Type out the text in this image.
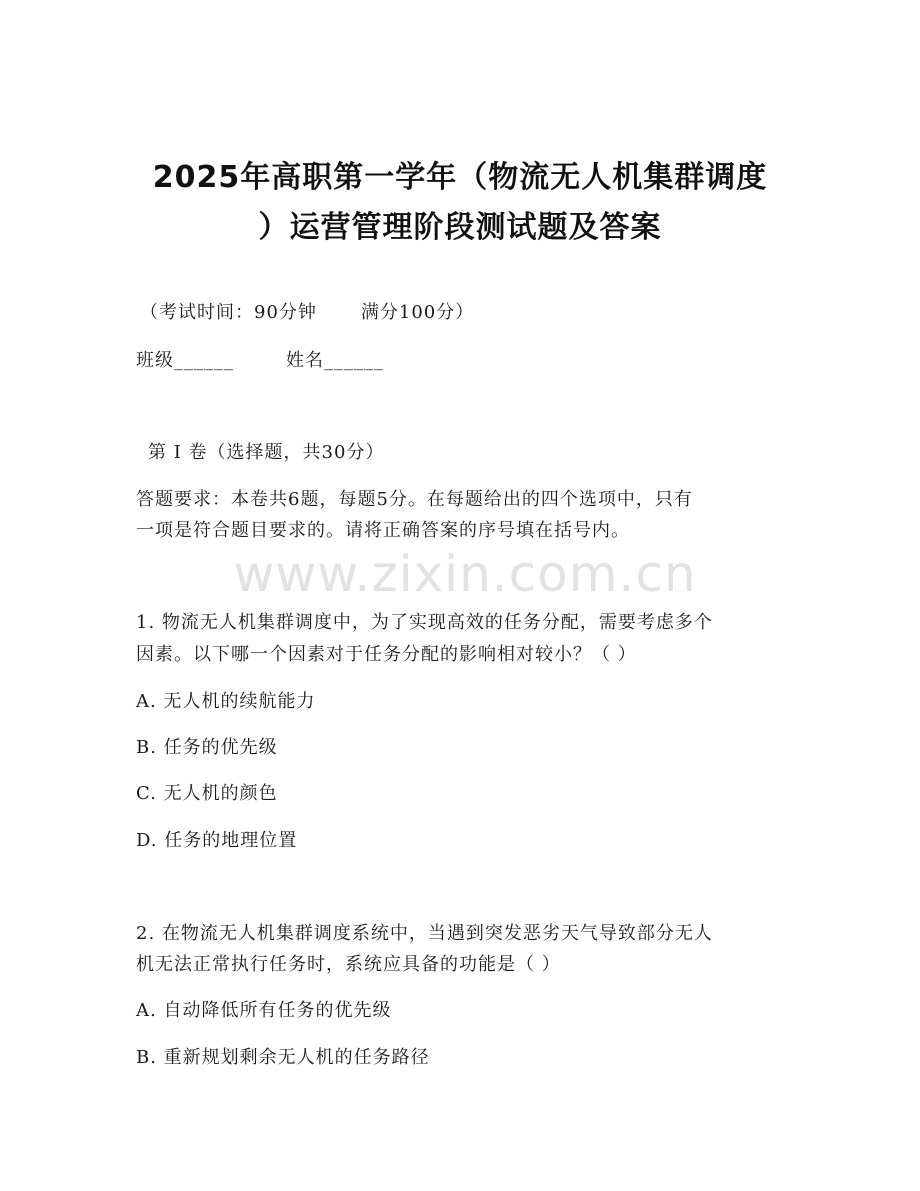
2025年高职第一学年（物流无人机集群调度
）运营管理阶段测试题及答案
（考试时间：90分钟 满分100分）
班级______	姓名______
第 I 卷（选择题，共30分）
答题要求：本卷共6题，每题5分。在每题给出的四个选项中，只有
一项是符合题目要求的。请将正确答案的序号填在括号内。
www.zixin.com.cn
1. 物流无人机集群调度中，为了实现高效的任务分配，需要考虑多个
因素。以下哪一个因素对于任务分配的影响相对较小？（ ）
A. 无人机的续航能力
B. 任务的优先级
C. 无人机的颜色
D. 任务的地理位置
2. 在物流无人机集群调度系统中，当遇到突发恶劣天气导致部分无人
机无法正常执行任务时，系统应具备的功能是（ ）
A. 自动降低所有任务的优先级
B. 重新规划剩余无人机的任务路径
